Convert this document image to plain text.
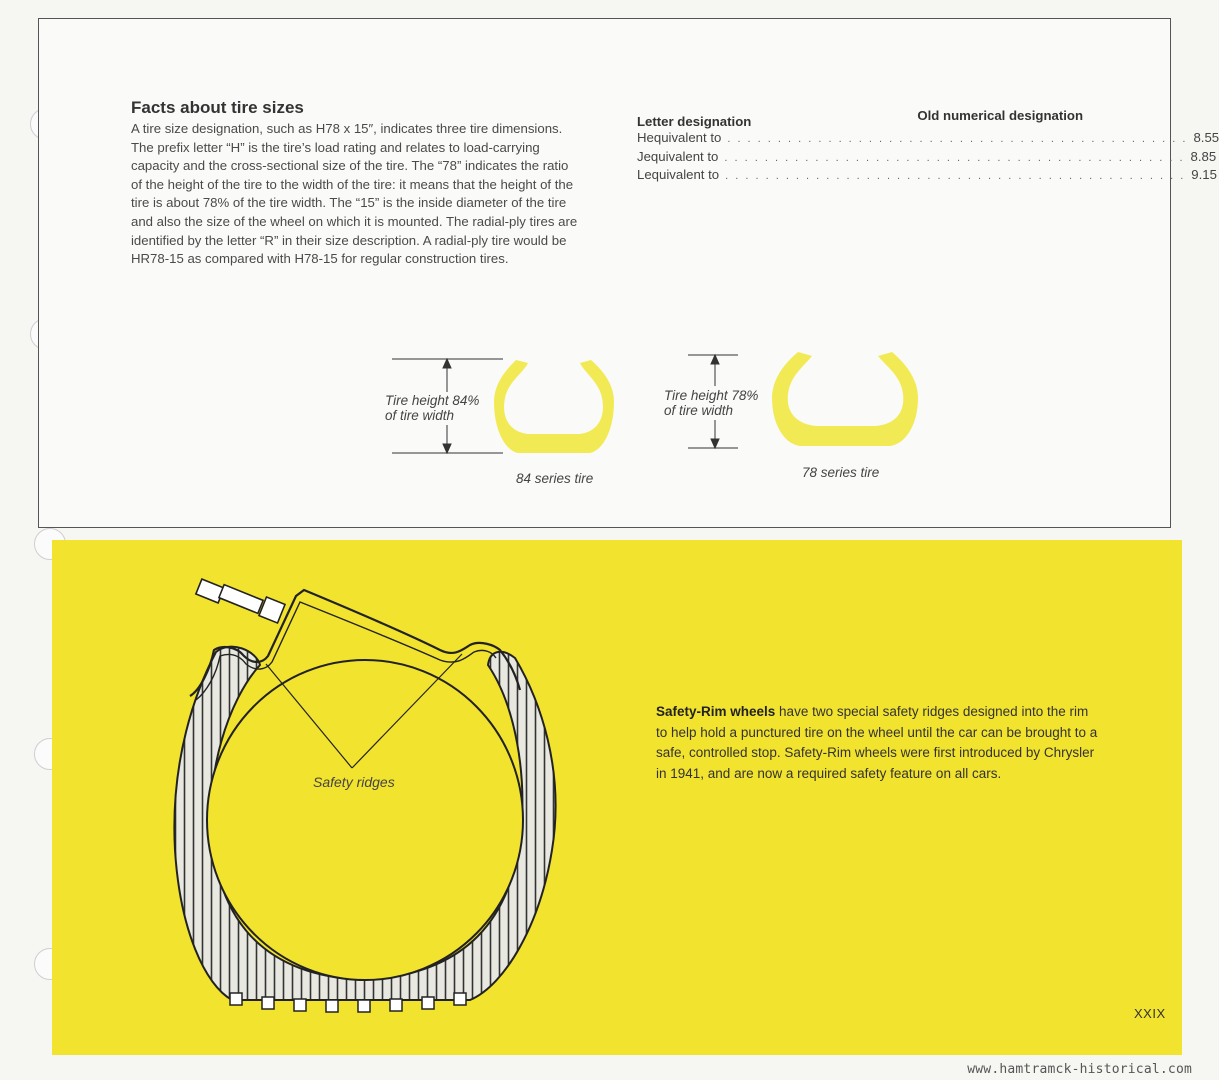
Facts about tire sizes

A tire size designation, such as H78 x 15″, indicates three tire dimensions. The prefix letter “H” is the tire’s load rating and relates to load-carrying capacity and the cross-sectional size of the tire. The “78” indicates the ratio of the height of the tire to the width of the tire: it means that the height of the tire is about 78% of the tire width. The “15” is the inside diameter of the tire and also the size of the wheel on which it is mounted. The radial-ply tires are identified by the letter “R” in their size description. A radial-ply tire would be HR78-15 as compared with H78-15 for regular construction tires.

Letter designation	Old numerical designation
H equivalent to . . . . . . . . . . . . . . . . . . . . . . . . . . . . . . . . . . . . . . . . . . . . . . 8.55
J equivalent to . . . . . . . . . . . . . . . . . . . . . . . . . . . . . . . . . . . . . . . . . . . . . . 8.85
L equivalent to . . . . . . . . . . . . . . . . . . . . . . . . . . . . . . . . . . . . . . . . . . . . . . 9.15
Tire height 84%
of tire width
84 series tire
Tire height 78%
of tire width
78 series tire
Safety ridges

Safety-Rim wheels have two special safety ridges designed into the rim to help hold a punctured tire on the wheel until the car can be brought to a safe, controlled stop. Safety-Rim wheels were first introduced by Chrysler in 1941, and are now a required safety feature on all cars.

XXIX
www.hamtramck-historical.com
